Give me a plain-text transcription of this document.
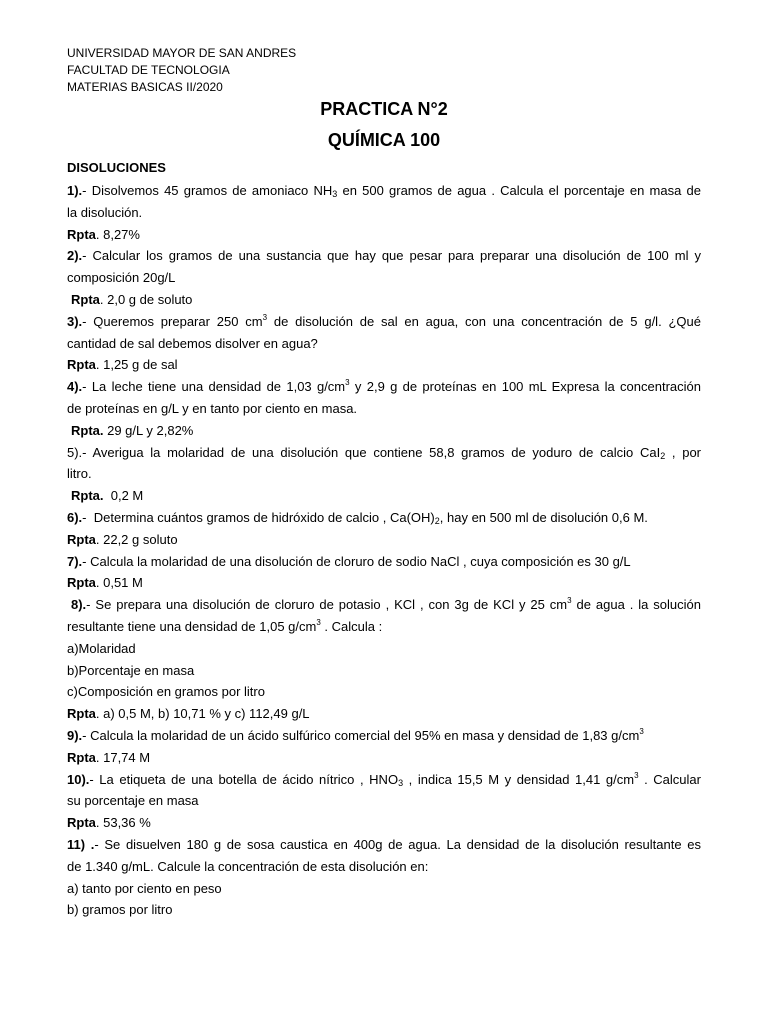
UNIVERSIDAD MAYOR DE SAN ANDRES
FACULTAD DE TECNOLOGIA
MATERIAS BASICAS II/2020
PRACTICA N°2
QUÍMICA 100
DISOLUCIONES
1).- Disolvemos 45 gramos de amoniaco $NH_3$ en 500 gramos de agua . Calcula el porcentaje en masa de
la disolución.
Rpta. 8,27%
2).- Calcular los gramos de una sustancia que hay que pesar para preparar una disolución de 100 ml y
composición 20g/L
Rpta. 2,0 g de soluto
3).- Queremos preparar 250 $cm^3$ de disolución de sal en agua, con una concentración de 5 g/l. ¿Qué
cantidad de sal debemos disolver en agua?
Rpta. 1,25 g de sal
4).- La leche tiene una densidad de 1,03 $g/cm^3$ y 2,9 g de proteínas en 100 mL Expresa la concentración
de proteínas en g/L y en tanto por ciento en masa.
Rpta. 29 g/L y 2,82%
5).- Averigua la molaridad de una disolución que contiene 58,8 gramos de yoduro de calcio CaI$_2$ , por
litro.
Rpta.  0,2 M
6).-  Determina cuántos gramos de hidróxido de calcio , $Ca(OH)_2$, hay en 500 ml de disolución 0,6 M.
Rpta. 22,2 g soluto
7).- Calcula la molaridad de una disolución de cloruro de sodio NaCl , cuya composición es 30 g/L
Rpta. 0,51 M
8).- Se prepara una disolución de cloruro de potasio , KCl , con 3g de KCl y 25 $cm^3$ de agua . la solución
resultante tiene una densidad de 1,05 $g/cm^3$ . Calcula :
a)Molaridad
b)Porcentaje en masa
c)Composición en gramos por litro
Rpta. a) 0,5 M, b) 10,71 % y c) 112,49 g/L
9).- Calcula la molaridad de un ácido sulfúrico comercial del 95% en masa y densidad de 1,83 $g/cm^3$
Rpta. 17,74 M
10).- La etiqueta de una botella de ácido nítrico , $HNO_3$ , indica 15,5 M y densidad 1,41 $g/cm^3$ . Calcular
su porcentaje en masa
Rpta. 53,36 %
11) .- Se disuelven 180 g de sosa caustica en 400g de agua. La densidad de la disolución resultante es
de 1.340 g/mL. Calcule la concentración de esta disolución en:
a) tanto por ciento en peso
b) gramos por litro
